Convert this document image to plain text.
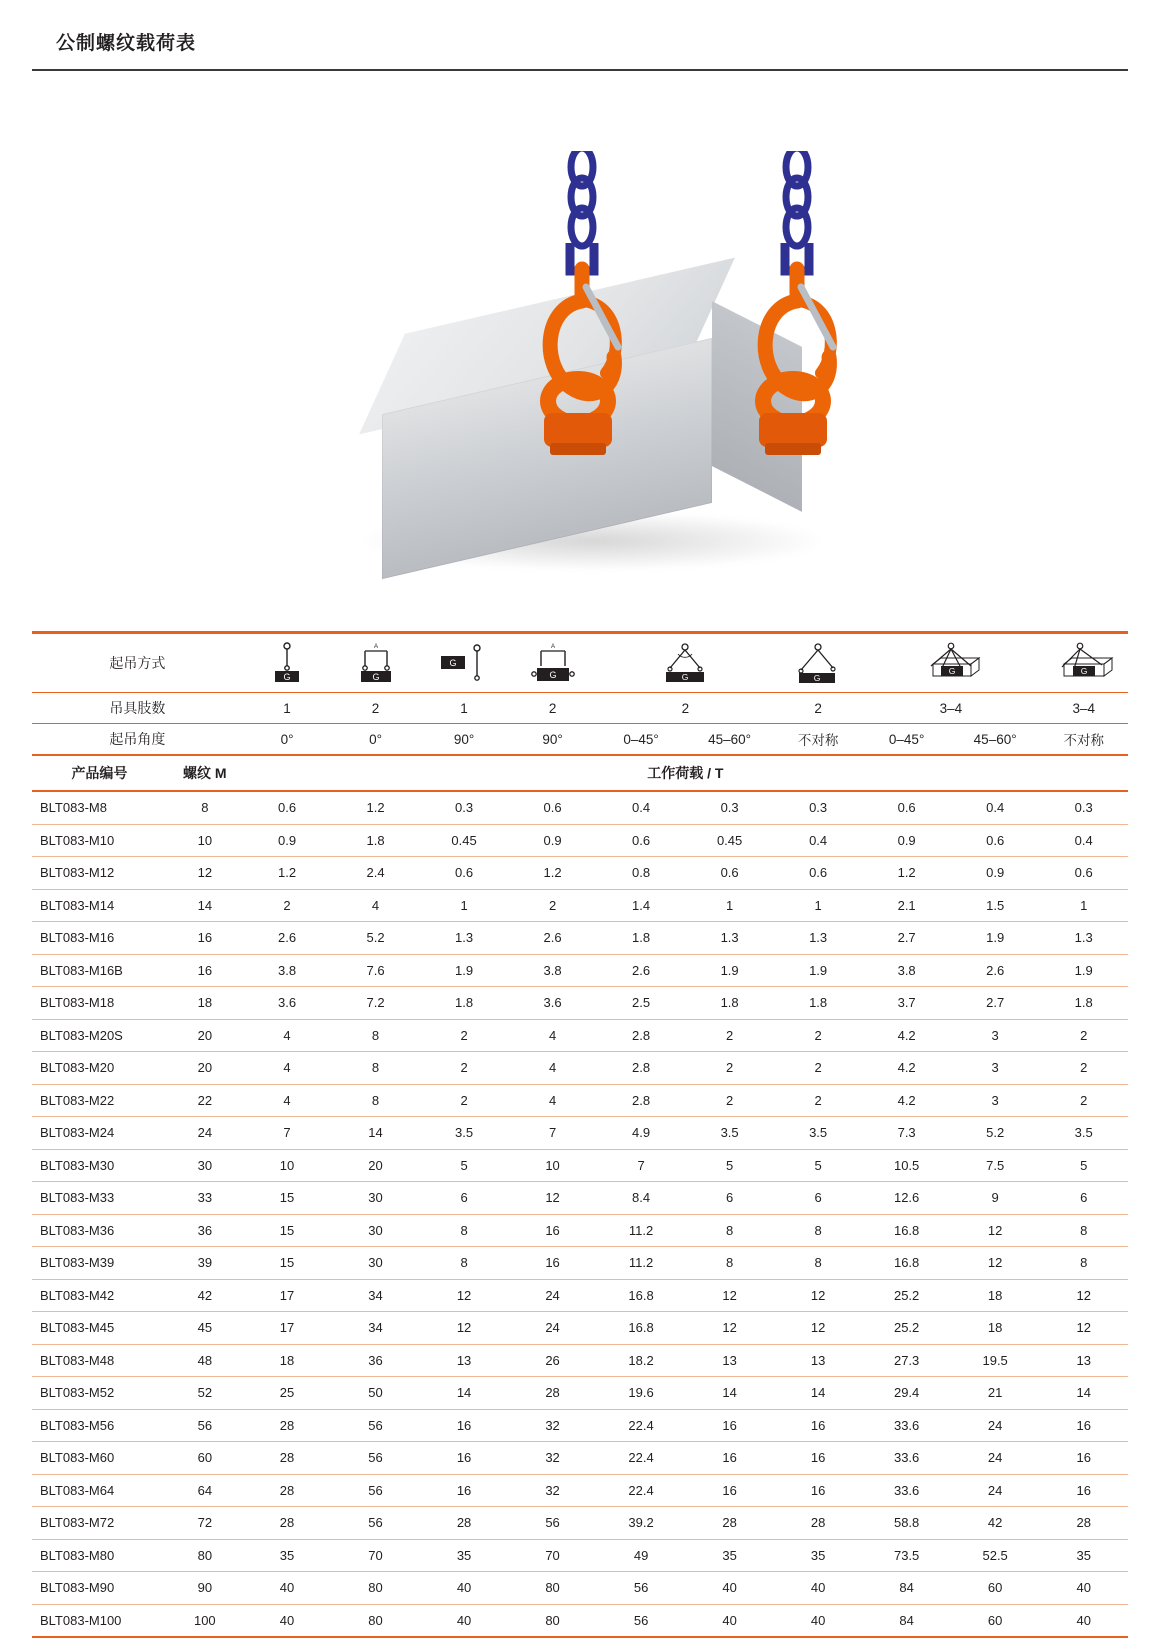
公制螺纹载荷表
起吊方式		G	A
G	G	A
G	G		G	G		G

吊具肢数		1	2	1	2	2		2	3–4		3–4
起吊角度		0°	0°	90°	90°	0–45°	45–60°	不对称	0–45°	45–60°	不对称
产品编号	螺纹 M	工作荷载 / T									
BLT083-M8	8	0.6	1.2	0.3	0.6	0.4	0.3	0.3	0.6	0.4	0.3
BLT083-M10	10	0.9	1.8	0.45	0.9	0.6	0.45	0.4	0.9	0.6	0.4
BLT083-M12	12	1.2	2.4	0.6	1.2	0.8	0.6	0.6	1.2	0.9	0.6
BLT083-M14	14	2	4	1	2	1.4	1	1	2.1	1.5	1
BLT083-M16	16	2.6	5.2	1.3	2.6	1.8	1.3	1.3	2.7	1.9	1.3
BLT083-M16B	16	3.8	7.6	1.9	3.8	2.6	1.9	1.9	3.8	2.6	1.9
BLT083-M18	18	3.6	7.2	1.8	3.6	2.5	1.8	1.8	3.7	2.7	1.8
BLT083-M20S	20	4	8	2	4	2.8	2	2	4.2	3	2
BLT083-M20	20	4	8	2	4	2.8	2	2	4.2	3	2
BLT083-M22	22	4	8	2	4	2.8	2	2	4.2	3	2
BLT083-M24	24	7	14	3.5	7	4.9	3.5	3.5	7.3	5.2	3.5
BLT083-M30	30	10	20	5	10	7	5	5	10.5	7.5	5
BLT083-M33	33	15	30	6	12	8.4	6	6	12.6	9	6
BLT083-M36	36	15	30	8	16	11.2	8	8	16.8	12	8
BLT083-M39	39	15	30	8	16	11.2	8	8	16.8	12	8
BLT083-M42	42	17	34	12	24	16.8	12	12	25.2	18	12
BLT083-M45	45	17	34	12	24	16.8	12	12	25.2	18	12
BLT083-M48	48	18	36	13	26	18.2	13	13	27.3	19.5	13
BLT083-M52	52	25	50	14	28	19.6	14	14	29.4	21	14
BLT083-M56	56	28	56	16	32	22.4	16	16	33.6	24	16
BLT083-M60	60	28	56	16	32	22.4	16	16	33.6	24	16
BLT083-M64	64	28	56	16	32	22.4	16	16	33.6	24	16
BLT083-M72	72	28	56	28	56	39.2	28	28	58.8	42	28
BLT083-M80	80	35	70	35	70	49	35	35	73.5	52.5	35
BLT083-M90	90	40	80	40	80	56	40	40	84	60	40
BLT083-M100	100	40	80	40	80	56	40	40	84	60	40
